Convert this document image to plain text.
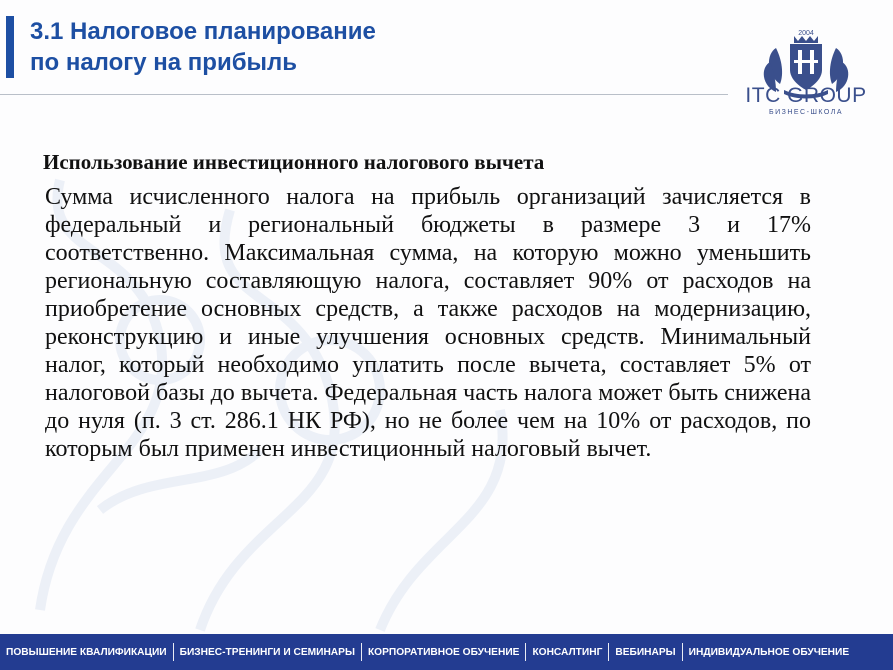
3.1 Налоговое планирование
по налогу на прибыль
2004
ITC GROUP
БИЗНЕС-ШКОЛА
Использование инвестиционного налогового вычета
Сумма исчисленного налога на прибыль организаций зачисляется в федеральный и региональный бюджеты в размере 3 и 17% соответственно. Максимальная сумма, на которую можно уменьшить региональную составляющую налога, составляет 90% от расходов на приобретение основных средств, а также расходов на модернизацию, реконструкцию и иные улучшения основных средств. Минимальный налог, который необходимо уплатить после вычета, составляет 5% от налоговой базы до вычета. Федеральная часть налога может быть снижена до нуля (п. 3 ст. 286.1 НК РФ), но не более чем на 10% от расходов, по которым был применен инвестиционный налоговый вычет.
ПОВЫШЕНИЕ КВАЛИФИКАЦИИ БИЗНЕС-ТРЕНИНГИ И СЕМИНАРЫ КОРПОРАТИВНОЕ ОБУЧЕНИЕ КОНСАЛТИНГ ВЕБИНАРЫ ИНДИВИДУАЛЬНОЕ ОБУЧЕНИЕ
